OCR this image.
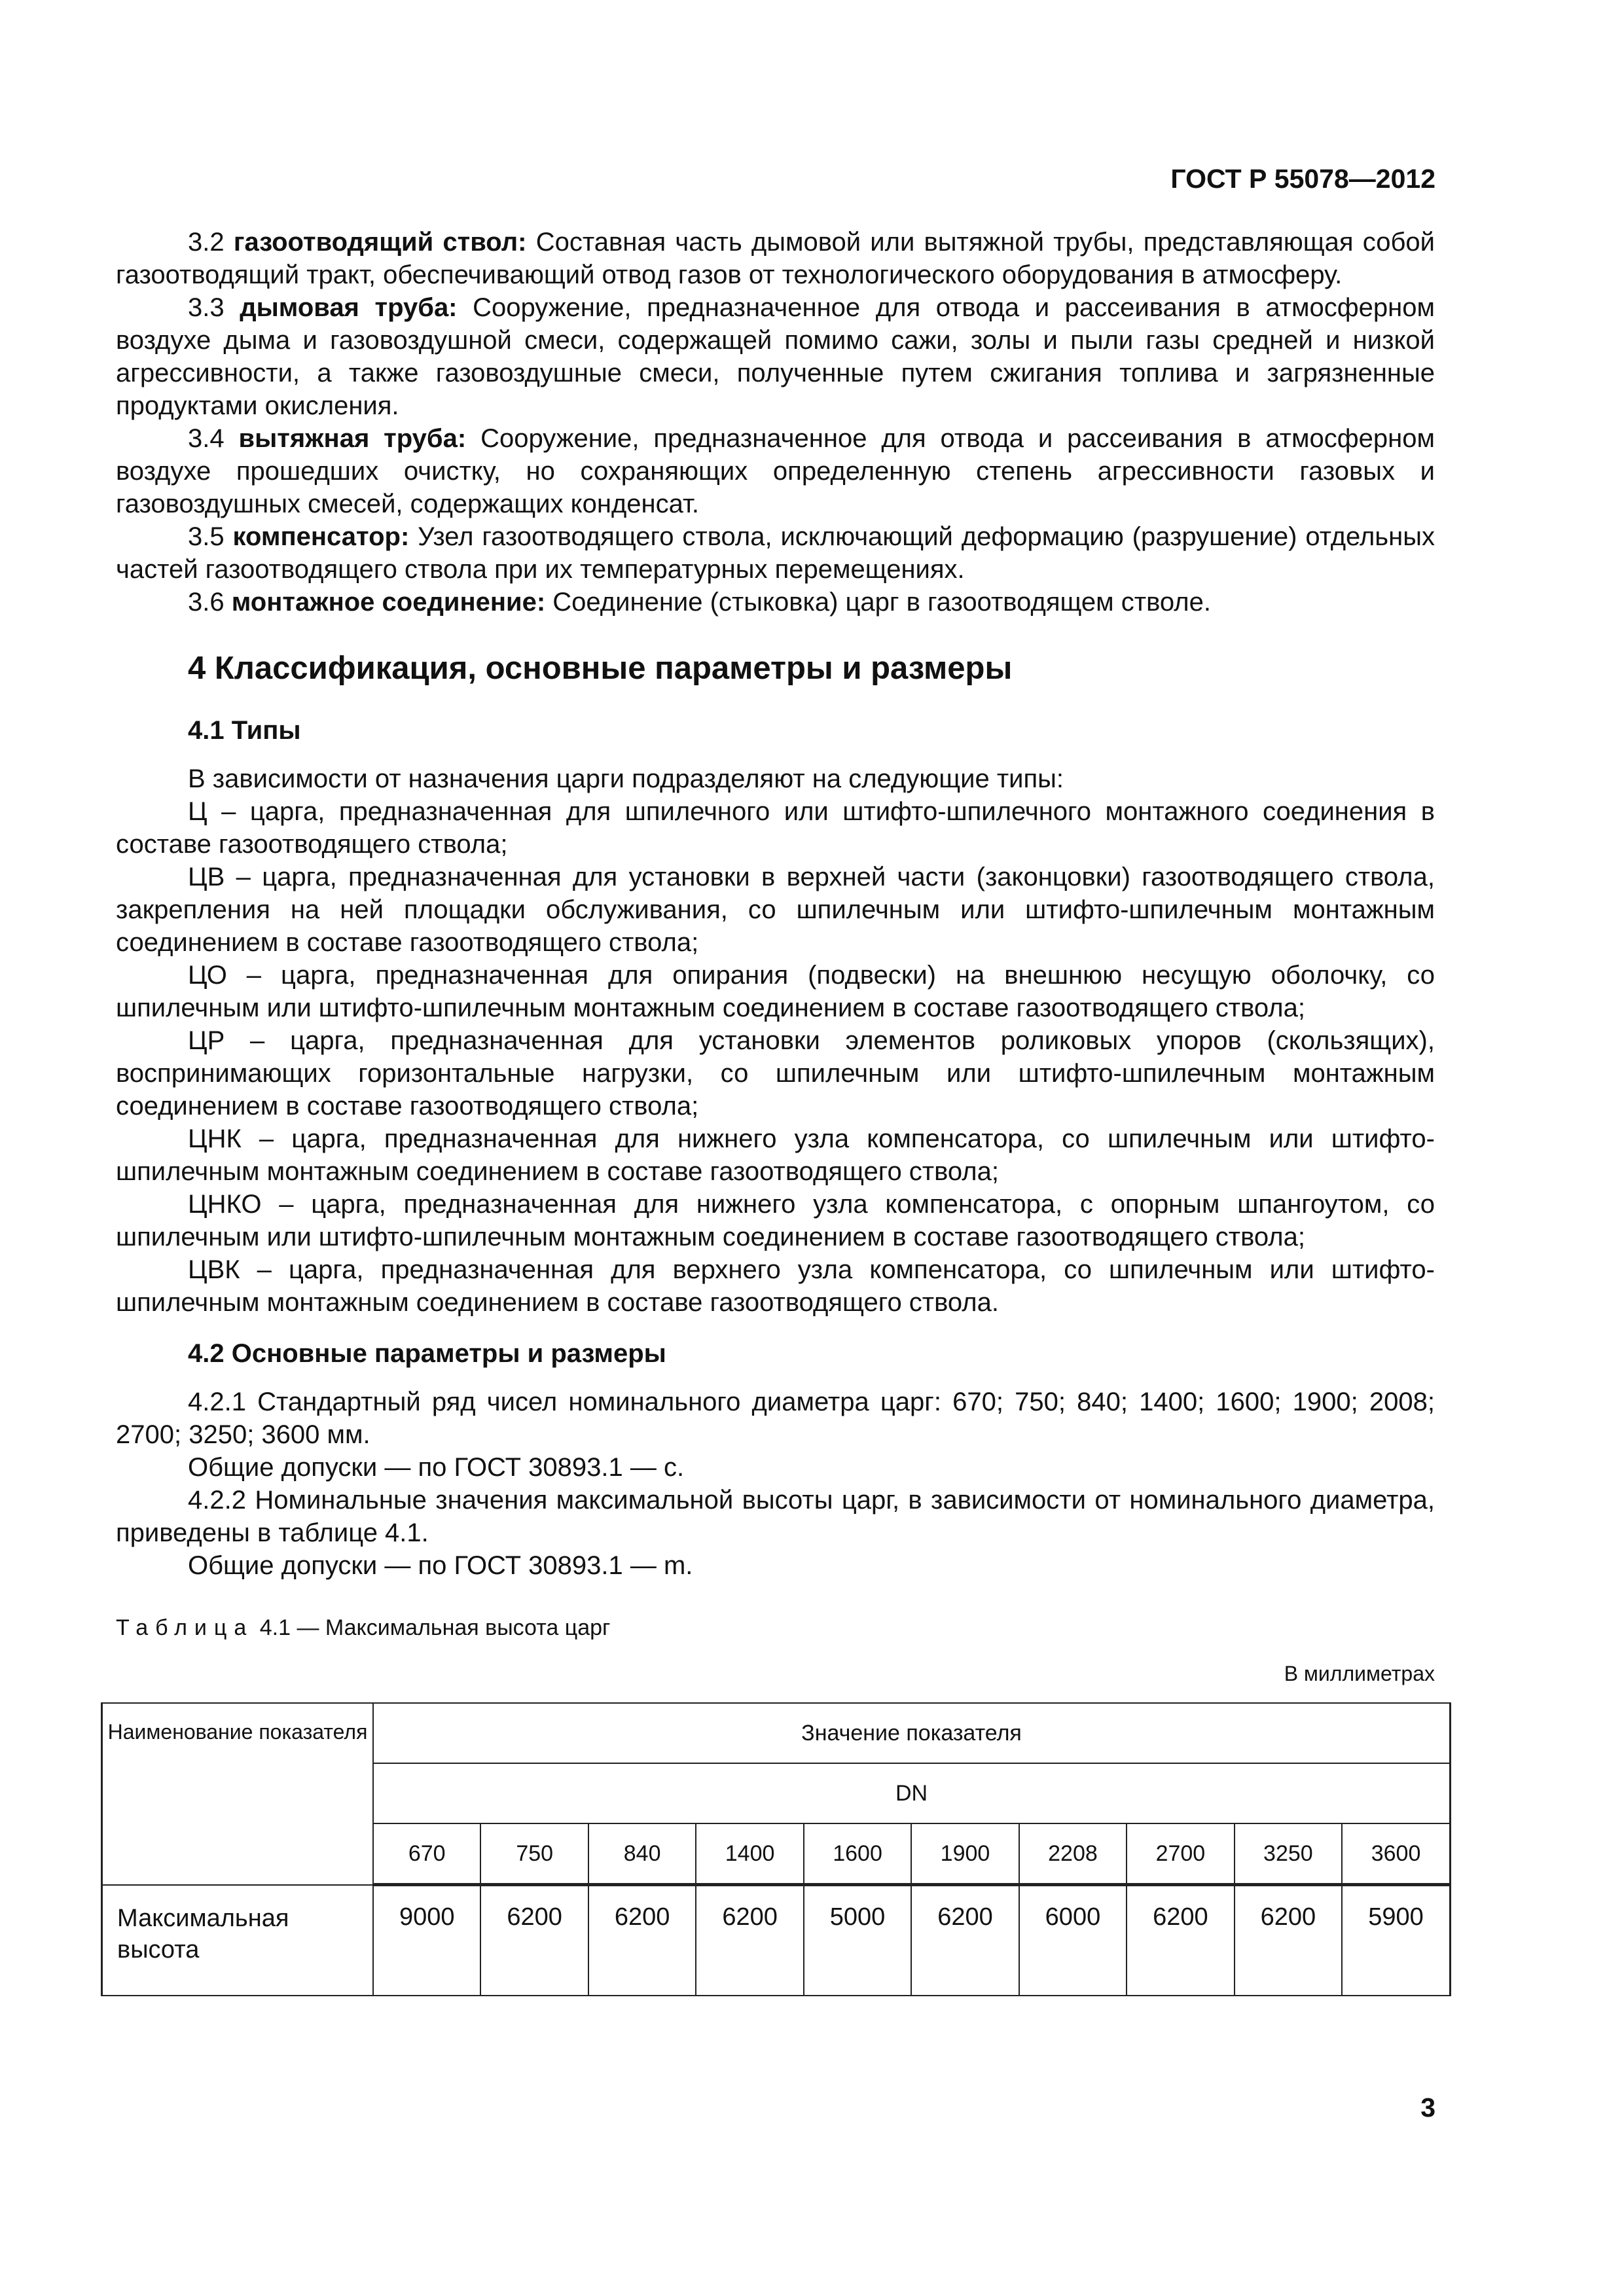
ГОСТ Р 55078—2012

3.2 газоотводящий ствол: Составная часть дымовой или вытяжной трубы, представляющая собой газоотводящий тракт, обеспечивающий отвод газов от технологического оборудования в атмосферу.

3.3 дымовая труба: Сооружение, предназначенное для отвода и рассеивания в атмосферном воздухе дыма и газовоздушной смеси, содержащей помимо сажи, золы и пыли газы средней и низкой агрессивности, а также газовоздушные смеси, полученные путем сжигания топлива и загрязненные продуктами окисления.

3.4 вытяжная труба: Сооружение, предназначенное для отвода и рассеивания в атмосферном воздухе прошедших очистку, но сохраняющих определенную степень агрессивности газовых и газовоздушных смесей, содержащих конденсат.

3.5 компенсатор: Узел газоотводящего ствола, исключающий деформацию (разрушение) отдельных частей газоотводящего ствола при их температурных перемещениях.

3.6 монтажное соединение: Соединение (стыковка) царг в газоотводящем стволе.

4 Классификация, основные параметры и размеры
4.1 Типы

В зависимости от назначения царги подразделяют на следующие типы:

Ц – царга, предназначенная для шпилечного или штифто-шпилечного монтажного соединения в составе газоотводящего ствола;

ЦВ – царга, предназначенная для установки в верхней части (законцовки) газоотводящего ствола, закрепления на ней площадки обслуживания, со шпилечным или штифто-шпилечным монтажным соединением в составе газоотводящего ствола;

ЦО – царга, предназначенная для опирания (подвески) на внешнюю несущую оболочку, со шпилечным или штифто-шпилечным монтажным соединением в составе газоотводящего ствола;

ЦР – царга, предназначенная для установки элементов роликовых упоров (скользящих), воспринимающих горизонтальные нагрузки, со шпилечным или штифто-шпилечным монтажным соединением в составе газоотводящего ствола;

ЦНК – царга, предназначенная для нижнего узла компенсатора, со шпилечным или штифто-шпилечным монтажным соединением в составе газоотводящего ствола;

ЦНКО – царга, предназначенная для нижнего узла компенсатора, с опорным шпангоутом, со шпилечным или штифто-шпилечным монтажным соединением в составе газоотводящего ствола;

ЦВК – царга, предназначенная для верхнего узла компенсатора, со шпилечным или штифто-шпилечным монтажным соединением в составе газоотводящего ствола.

4.2 Основные параметры и размеры

4.2.1 Стандартный ряд чисел номинального диаметра царг: 670; 750; 840; 1400; 1600; 1900; 2008; 2700; 3250; 3600 мм.

Общие допуски — по ГОСТ 30893.1 — с.

4.2.2 Номинальные значения максимальной высоты царг, в зависимости от номинального диаметра, приведены в таблице 4.1.

Общие допуски — по ГОСТ 30893.1 — m.

Таблица 4.1 — Максимальная высота царг
В миллиметрах
Наименование показателя	Значение показателя									
	DN									
	670	750	840	1400	1600	1900	2208	2700	3250	3600
Максимальная высота	9000	6200	6200	6200	5000	6200	6000	6200	6200	5900
3
